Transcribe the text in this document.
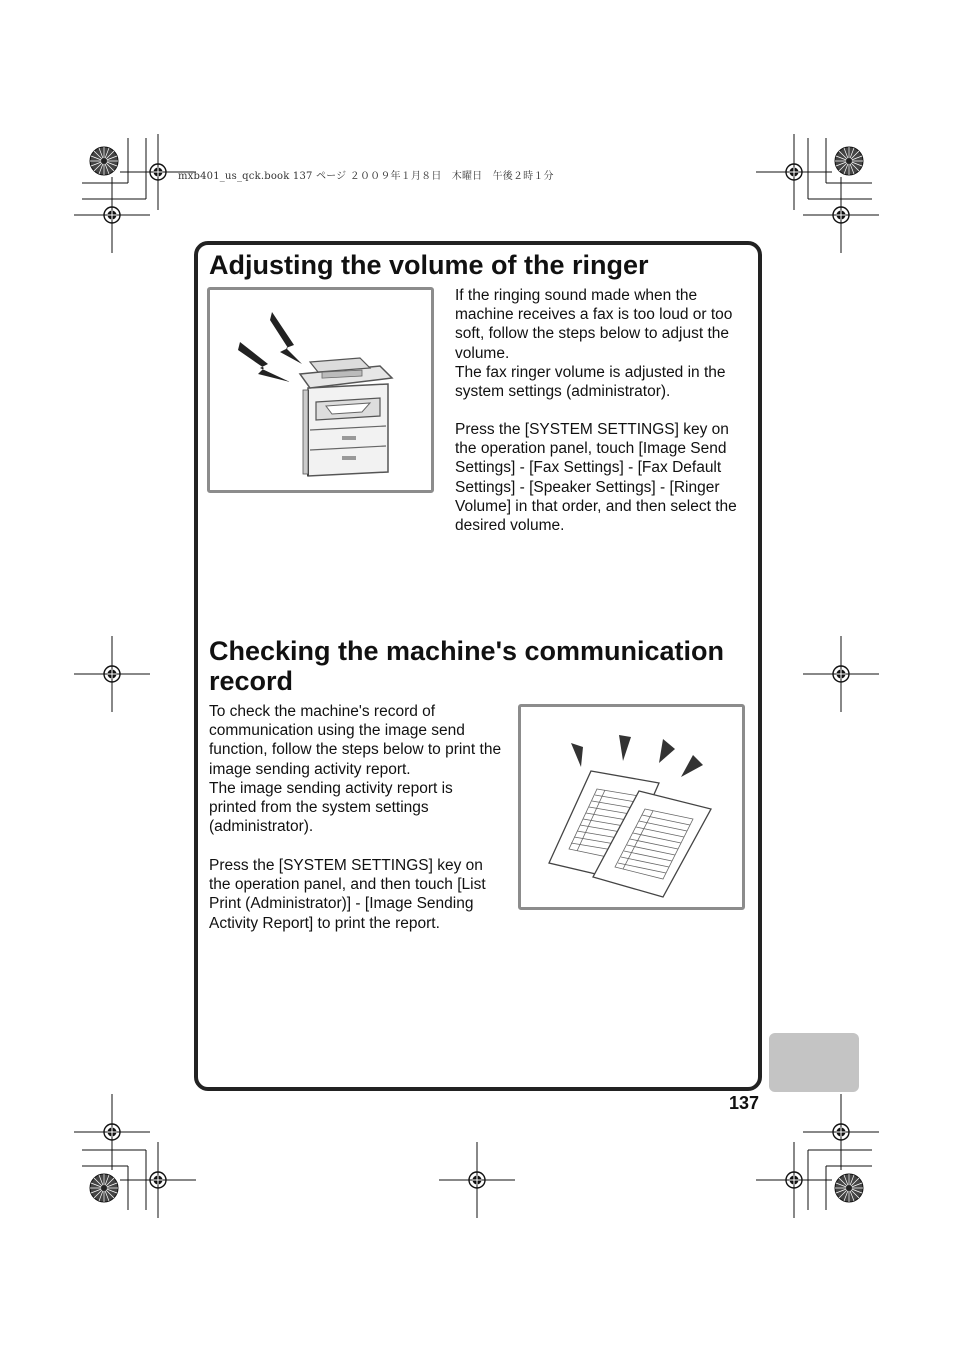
mxb401_us_qck.book 137 ページ ２００９年１月８日　木曜日　午後２時１分
Adjusting the volume of the ringer

If the ringing sound made when the
machine receives a fax is too loud or too
soft, follow the steps below to adjust the
volume.
The fax ringer volume is adjusted in the
system settings (administrator).

Press the [SYSTEM SETTINGS] key on
the operation panel, touch [Image Send
Settings] - [Fax Settings] - [Fax Default
Settings] - [Speaker Settings] - [Ringer
Volume] in that order, and then select the
desired volume.

Checking the machine's communication record

To check the machine's record of
communication using the image send
function, follow the steps below to print the
image sending activity report.
The image sending activity report is
printed from the system settings
(administrator).

Press the [SYSTEM SETTINGS] key on
the operation panel, and then touch [List
Print (Administrator)] - [Image Sending
Activity Report] to print the report.

137
